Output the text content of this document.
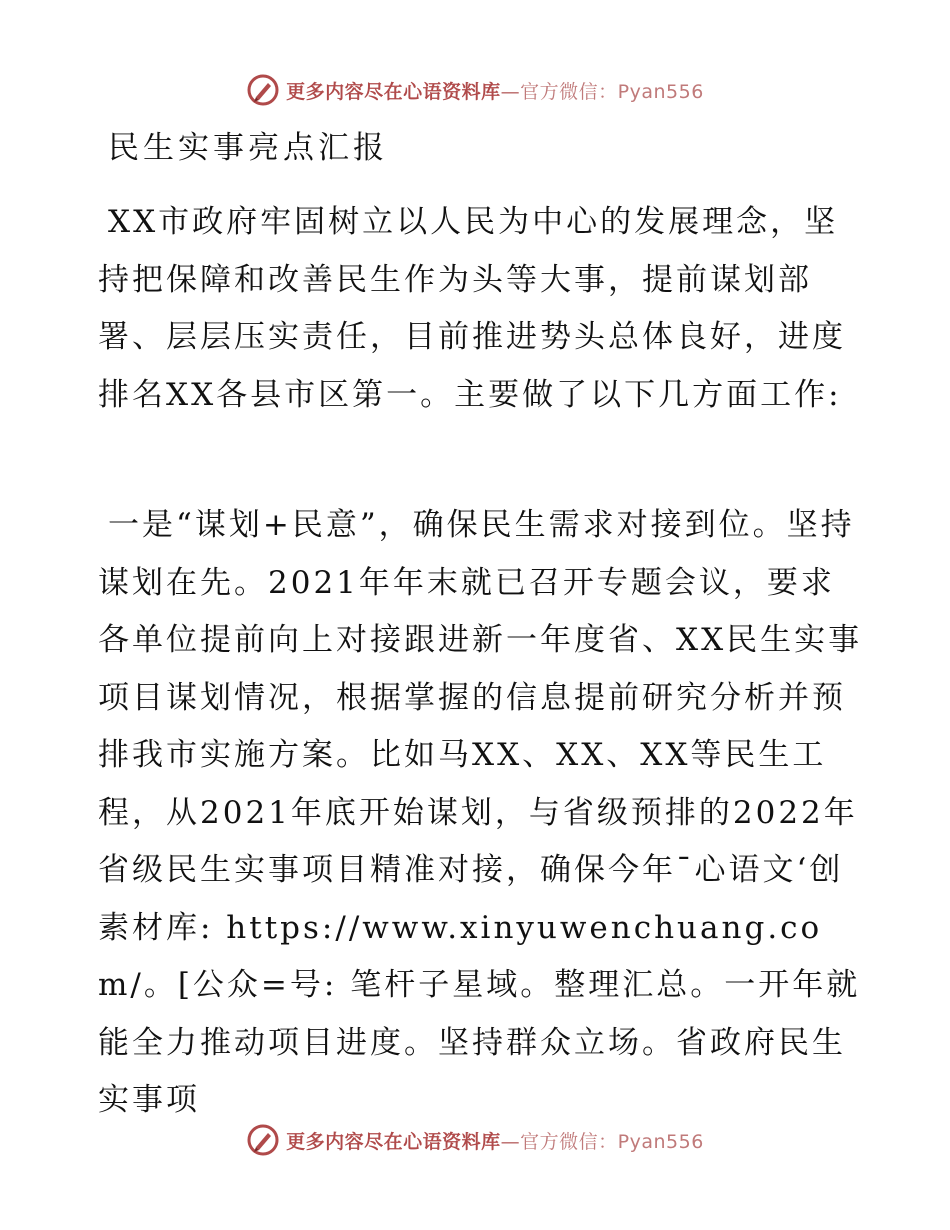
更多内容尽在心语资料库—官方微信：Pyan556
民生实事亮点汇报
XX市政府牢固树立以人民为中心的发展理念，坚持把保障和改善民生作为头等大事，提前谋划部署、层层压实责任，目前推进势头总体良好，进度排名XX各县市区第一。主要做了以下几方面工作:
一是“谋划+民意”，确保民生需求对接到位。坚持谋划在先。2021年年末就已召开专题会议，要求各单位提前向上对接跟进新一年度省、XX民生实事项目谋划情况，根据掌握的信息提前研究分析并预排我市实施方案。比如马XX、XX、XX等民生工程，从2021年底开始谋划，与省级预排的2022年省级民生实事项目精准对接，确保今年¯心语文‘创素材库: https://www.xinyuwenchuang.com/。[公众=号: 笔杆子星域。整理汇总。一开年就能全力推动项目进度。坚持群众立场。省政府民生实事项
更多内容尽在心语资料库—官方微信：Pyan556
